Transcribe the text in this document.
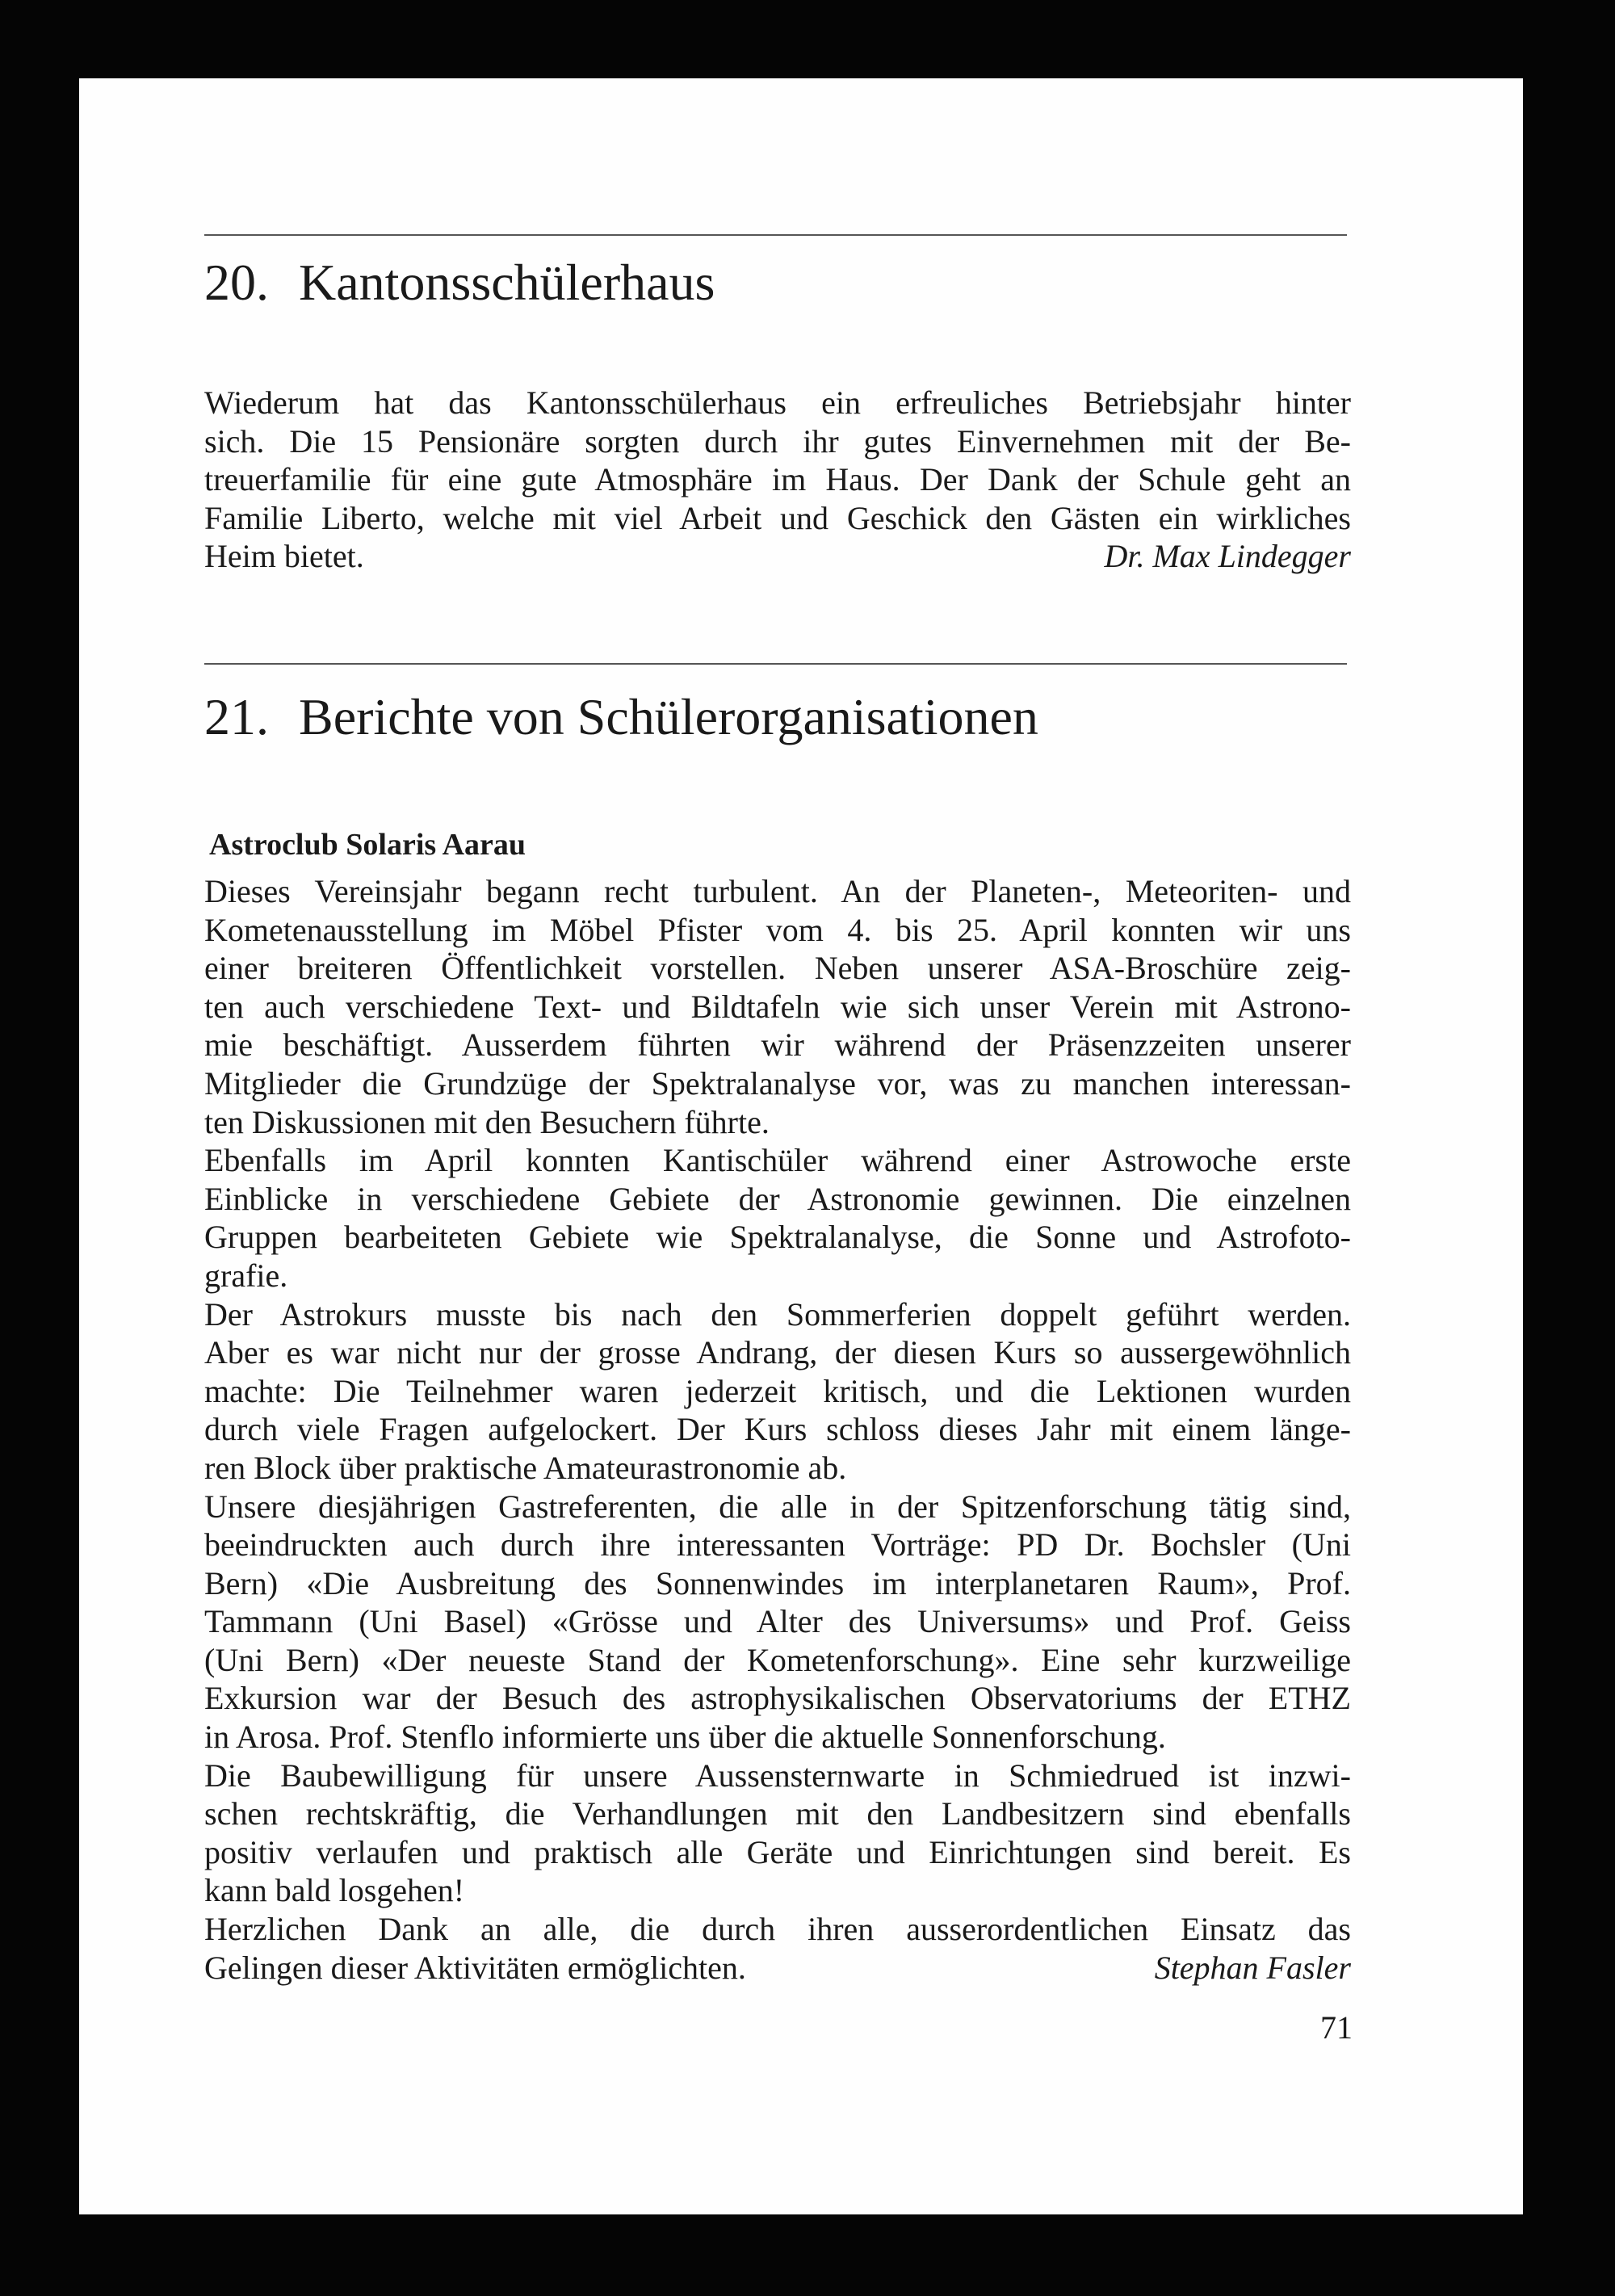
20. Kantonsschülerhaus
Wiederum hat das Kantonsschülerhaus ein erfreuliches Betriebsjahr hinter
sich. Die 15 Pensionäre sorgten durch ihr gutes Einvernehmen mit der Be-
treuerfamilie für eine gute Atmosphäre im Haus. Der Dank der Schule geht an
Familie Liberto, welche mit viel Arbeit und Geschick den Gästen ein wirkliches
Heim bietet.	Dr. Max Lindegger
21. Berichte von Schülerorganisationen
Astroclub Solaris Aarau
Dieses Vereinsjahr begann recht turbulent. An der Planeten-, Meteoriten- und
Kometenausstellung im Möbel Pfister vom 4. bis 25. April konnten wir uns
einer breiteren Öffentlichkeit vorstellen. Neben unserer ASA-Broschüre zeig-
ten auch verschiedene Text- und Bildtafeln wie sich unser Verein mit Astrono-
mie beschäftigt. Ausserdem führten wir während der Präsenzzeiten unserer
Mitglieder die Grundzüge der Spektralanalyse vor, was zu manchen interessan-
ten Diskussionen mit den Besuchern führte.
Ebenfalls im April konnten Kantischüler während einer Astrowoche erste
Einblicke in verschiedene Gebiete der Astronomie gewinnen. Die einzelnen
Gruppen bearbeiteten Gebiete wie Spektralanalyse, die Sonne und Astrofoto-
grafie.
Der Astrokurs musste bis nach den Sommerferien doppelt geführt werden.
Aber es war nicht nur der grosse Andrang, der diesen Kurs so aussergewöhnlich
machte: Die Teilnehmer waren jederzeit kritisch, und die Lektionen wurden
durch viele Fragen aufgelockert. Der Kurs schloss dieses Jahr mit einem länge-
ren Block über praktische Amateurastronomie ab.
Unsere diesjährigen Gastreferenten, die alle in der Spitzenforschung tätig sind,
beeindruckten auch durch ihre interessanten Vorträge: PD Dr. Bochsler (Uni
Bern) «Die Ausbreitung des Sonnenwindes im interplanetaren Raum», Prof.
Tammann (Uni Basel) «Grösse und Alter des Universums» und Prof. Geiss
(Uni Bern) «Der neueste Stand der Kometenforschung». Eine sehr kurzweilige
Exkursion war der Besuch des astrophysikalischen Observatoriums der ETHZ
in Arosa. Prof. Stenflo informierte uns über die aktuelle Sonnenforschung.
Die Baubewilligung für unsere Aussensternwarte in Schmiedrued ist inzwi-
schen rechtskräftig, die Verhandlungen mit den Landbesitzern sind ebenfalls
positiv verlaufen und praktisch alle Geräte und Einrichtungen sind bereit. Es
kann bald losgehen!
Herzlichen Dank an alle, die durch ihren ausserordentlichen Einsatz das
Gelingen dieser Aktivitäten ermöglichten.	Stephan Fasler
71
